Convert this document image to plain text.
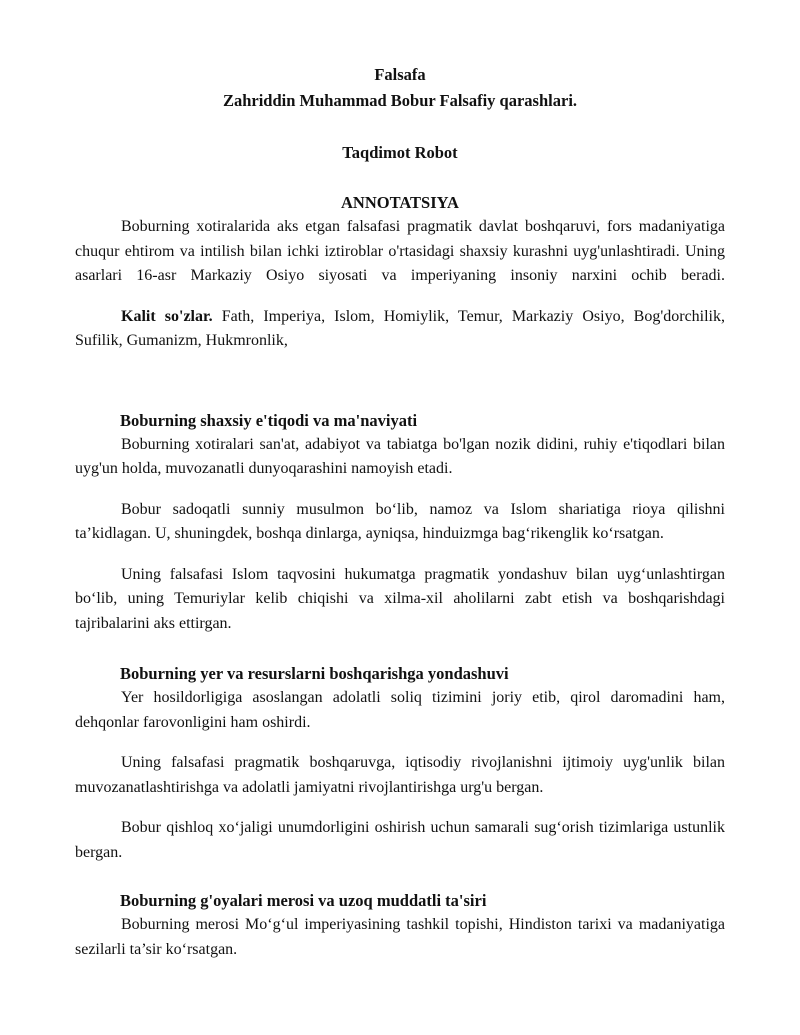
Falsafa
Zahriddin Muhammad Bobur Falsafiy qarashlari.
Taqdimot Robot
ANNOTATSIYA

Boburning xotiralarida aks etgan falsafasi pragmatik davlat boshqaruvi, fors madaniyatiga chuqur ehtirom va intilish bilan ichki iztiroblar o'rtasidagi shaxsiy kurashni uyg'unlashtiradi. Uning asarlari 16-asr Markaziy Osiyo siyosati va imperiyaning insoniy narxini ochib beradi.

Kalit so'zlar. Fath, Imperiya, Islom, Homiylik, Temur, Markaziy Osiyo, Bog'dorchilik, Sufilik, Gumanizm, Hukmronlik,

Boburning shaxsiy e'tiqodi va ma'naviyati

Boburning xotiralari san'at, adabiyot va tabiatga bo'lgan nozik didini, ruhiy e'tiqodlari bilan uyg'un holda, muvozanatli dunyoqarashini namoyish etadi.

Bobur sadoqatli sunniy musulmon bo‘lib, namoz va Islom shariatiga rioya qilishni ta’kidlagan. U, shuningdek, boshqa dinlarga, ayniqsa, hinduizmga bag‘rikenglik ko‘rsatgan.

Uning falsafasi Islom taqvosini hukumatga pragmatik yondashuv bilan uyg‘unlashtirgan bo‘lib, uning Temuriylar kelib chiqishi va xilma-xil aholilarni zabt etish va boshqarishdagi tajribalarini aks ettirgan.

Boburning yer va resurslarni boshqarishga yondashuvi

Yer hosildorligiga asoslangan adolatli soliq tizimini joriy etib, qirol daromadini ham, dehqonlar farovonligini ham oshirdi.

Uning falsafasi pragmatik boshqaruvga, iqtisodiy rivojlanishni ijtimoiy uyg'unlik bilan muvozanatlashtirishga va adolatli jamiyatni rivojlantirishga urg'u bergan.

Bobur qishloq xo‘jaligi unumdorligini oshirish uchun samarali sug‘orish tizimlariga ustunlik bergan.

Boburning g'oyalari merosi va uzoq muddatli ta'siri

Boburning merosi Mo‘g‘ul imperiyasining tashkil topishi, Hindiston tarixi va madaniyatiga sezilarli ta’sir ko‘rsatgan.
